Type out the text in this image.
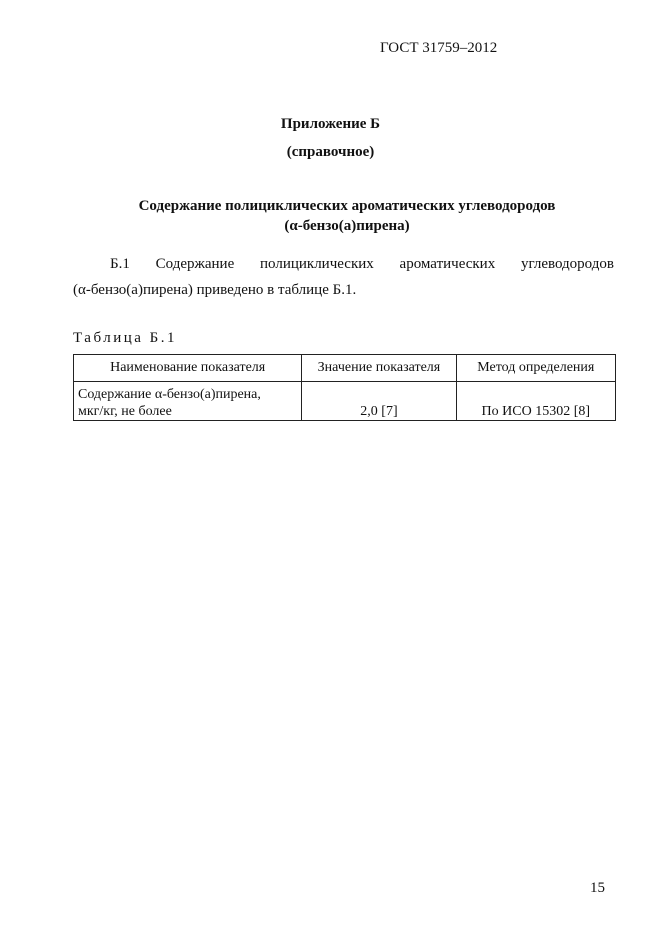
ГОСТ 31759–2012
Приложение Б
(справочное)
Содержание полициклических ароматических углеводородов
(α-бензо(а)пирена)
Б.1 Содержание полициклических ароматических углеводородов
(α-бензо(а)пирена) приведено в таблице Б.1.
Таблица Б.1
Наименование показателя	Значение показателя	Метод определения

Содержание α-бензо(а)пирена,
мкг/кг, не более	2,0 [7]	По ИСО 15302 [8]
15
